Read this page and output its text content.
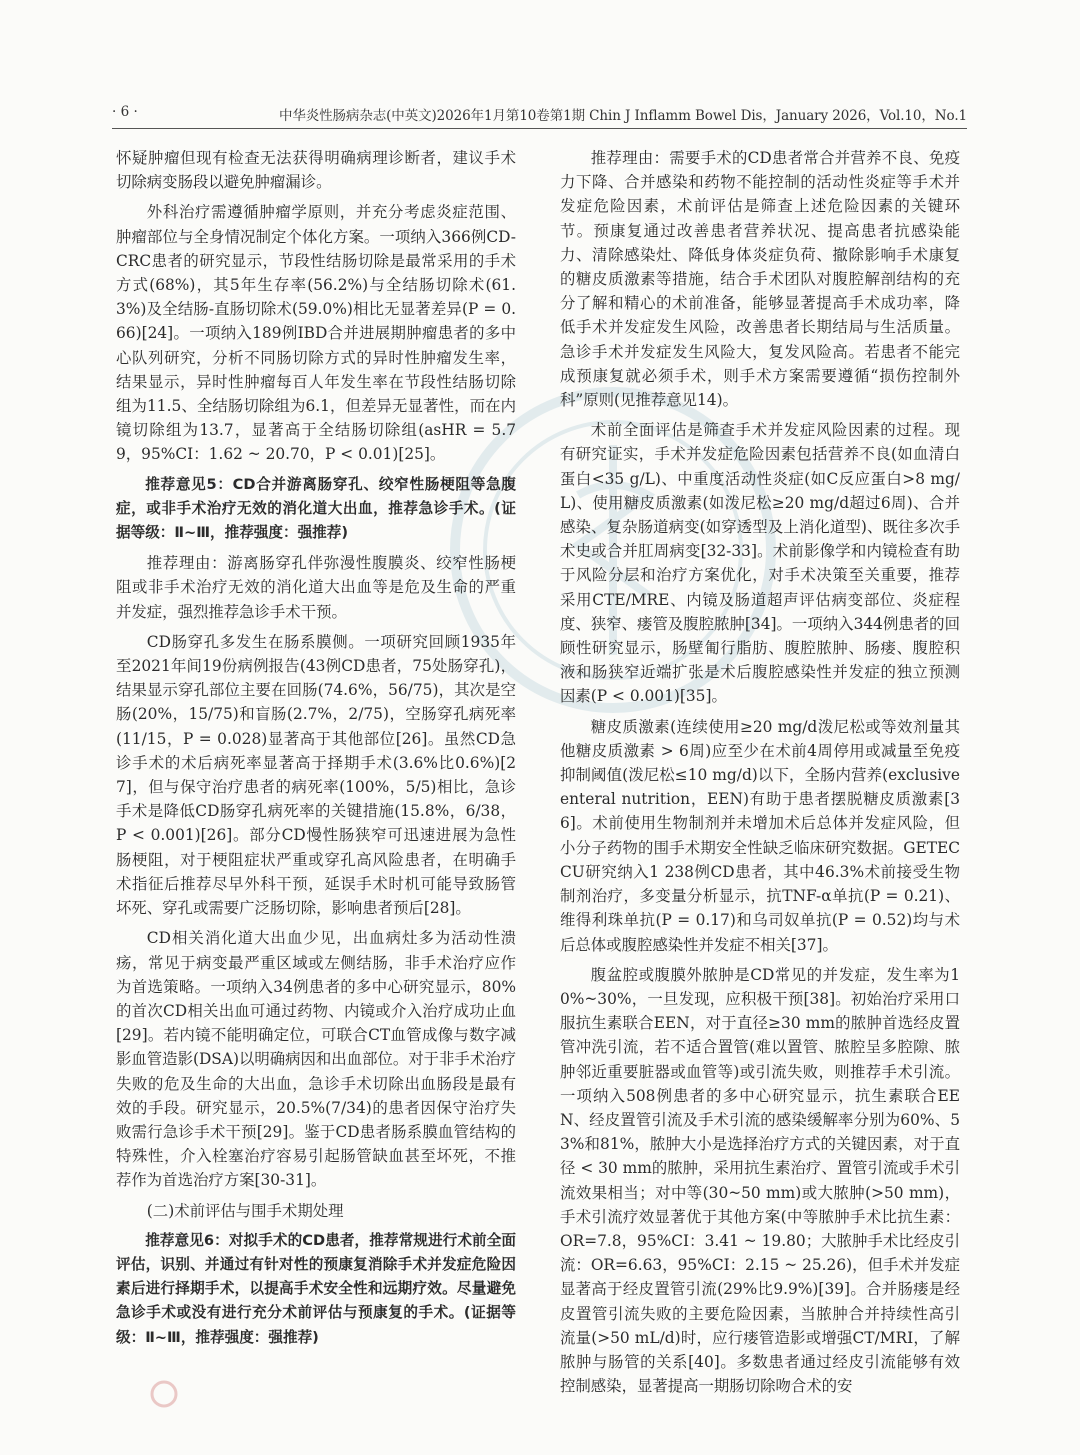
· 6 ·	中华炎性肠病杂志(中英文)2026年1月第10卷第1期 Chin J Inflamm Bowel Dis，January 2026，Vol.10，No.1

怀疑肿瘤但现有检查无法获得明确病理诊断者，建议手术切除病变肠段以避免肿瘤漏诊。

外科治疗需遵循肿瘤学原则，并充分考虑炎症范围、肿瘤部位与全身情况制定个体化方案。一项纳入366例CD-CRC患者的研究显示，节段性结肠切除是最常采用的手术方式(68%)，其5年生存率(56.2%)与全结肠切除术(61.3%)及全结肠-直肠切除术(59.0%)相比无显著差异(P = 0.66)[24]。一项纳入189例IBD合并进展期肿瘤患者的多中心队列研究，分析不同肠切除方式的异时性肿瘤发生率，结果显示，异时性肿瘤每百人年发生率在节段性结肠切除组为11.5、全结肠切除组为6.1，但差异无显著性，而在内镜切除组为13.7，显著高于全结肠切除组(asHR = 5.79，95%CI：1.62 ~ 20.70，P < 0.01)[25]。

推荐意见5：CD合并游离肠穿孔、绞窄性肠梗阻等急腹症，或非手术治疗无效的消化道大出血，推荐急诊手术。(证据等级：Ⅱ~Ⅲ，推荐强度：强推荐)

推荐理由：游离肠穿孔伴弥漫性腹膜炎、绞窄性肠梗阻或非手术治疗无效的消化道大出血等是危及生命的严重并发症，强烈推荐急诊手术干预。

CD肠穿孔多发生在肠系膜侧。一项研究回顾1935年至2021年间19份病例报告(43例CD患者，75处肠穿孔)，结果显示穿孔部位主要在回肠(74.6%，56/75)，其次是空肠(20%，15/75)和盲肠(2.7%，2/75)，空肠穿孔病死率(11/15，P = 0.028)显著高于其他部位[26]。虽然CD急诊手术的术后病死率显著高于择期手术(3.6%比0.6%)[27]，但与保守治疗患者的病死率(100%，5/5)相比，急诊手术是降低CD肠穿孔病死率的关键措施(15.8%，6/38，P < 0.001)[26]。部分CD慢性肠狭窄可迅速进展为急性肠梗阻，对于梗阻症状严重或穿孔高风险患者，在明确手术指征后推荐尽早外科干预，延误手术时机可能导致肠管坏死、穿孔或需要广泛肠切除，影响患者预后[28]。

CD相关消化道大出血少见，出血病灶多为活动性溃疡，常见于病变最严重区域或左侧结肠，非手术治疗应作为首选策略。一项纳入34例患者的多中心研究显示，80%的首次CD相关出血可通过药物、内镜或介入治疗成功止血[29]。若内镜不能明确定位，可联合CT血管成像与数字减影血管造影(DSA)以明确病因和出血部位。对于非手术治疗失败的危及生命的大出血，急诊手术切除出血肠段是最有效的手段。研究显示，20.5%(7/34)的患者因保守治疗失败需行急诊手术干预[29]。鉴于CD患者肠系膜血管结构的特殊性，介入栓塞治疗容易引起肠管缺血甚至坏死，不推荐作为首选治疗方案[30-31]。

(二)术前评估与围手术期处理

推荐意见6：对拟手术的CD患者，推荐常规进行术前全面评估，识别、并通过有针对性的预康复消除手术并发症危险因素后进行择期手术，以提高手术安全性和远期疗效。尽量避免急诊手术或没有进行充分术前评估与预康复的手术。(证据等级：Ⅱ~Ⅲ，推荐强度：强推荐)

推荐理由：需要手术的CD患者常合并营养不良、免疫力下降、合并感染和药物不能控制的活动性炎症等手术并发症危险因素，术前评估是筛查上述危险因素的关键环节。预康复通过改善患者营养状况、提高患者抗感染能力、清除感染灶、降低身体炎症负荷、撤除影响手术康复的糖皮质激素等措施，结合手术团队对腹腔解剖结构的充分了解和精心的术前准备，能够显著提高手术成功率，降低手术并发症发生风险，改善患者长期结局与生活质量。急诊手术并发症发生风险大，复发风险高。若患者不能完成预康复就必须手术，则手术方案需要遵循“损伤控制外科”原则(见推荐意见14)。

术前全面评估是筛查手术并发症风险因素的过程。现有研究证实，手术并发症危险因素包括营养不良(如血清白蛋白<35 g/L)、中重度活动性炎症(如C反应蛋白>8 mg/L)、使用糖皮质激素(如泼尼松≥20 mg/d超过6周)、合并感染、复杂肠道病变(如穿透型及上消化道型)、既往多次手术史或合并肛周病变[32-33]。术前影像学和内镜检查有助于风险分层和治疗方案优化，对手术决策至关重要，推荐采用CTE/MRE、内镜及肠道超声评估病变部位、炎症程度、狭窄、瘘管及腹腔脓肿[34]。一项纳入344例患者的回顾性研究显示，肠壁匍行脂肪、腹腔脓肿、肠瘘、腹腔积液和肠狭窄近端扩张是术后腹腔感染性并发症的独立预测因素(P < 0.001)[35]。

糖皮质激素(连续使用≥20 mg/d泼尼松或等效剂量其他糖皮质激素 > 6周)应至少在术前4周停用或减量至免疫抑制阈值(泼尼松≤10 mg/d)以下，全肠内营养(exclusive enteral nutrition，EEN)有助于患者摆脱糖皮质激素[36]。术前使用生物制剂并未增加术后总体并发症风险，但小分子药物的围手术期安全性缺乏临床研究数据。GETECCU研究纳入1 238例CD患者，其中46.3%术前接受生物制剂治疗，多变量分析显示，抗TNF-α单抗(P = 0.21)、维得利珠单抗(P = 0.17)和乌司奴单抗(P = 0.52)均与术后总体或腹腔感染性并发症不相关[37]。

腹盆腔或腹膜外脓肿是CD常见的并发症，发生率为10%~30%，一旦发现，应积极干预[38]。初始治疗采用口服抗生素联合EEN，对于直径≥30 mm的脓肿首选经皮置管冲洗引流，若不适合置管(难以置管、脓腔呈多腔隙、脓肿邻近重要脏器或血管等)或引流失败，则推荐手术引流。一项纳入508例患者的多中心研究显示，抗生素联合EEN、经皮置管引流及手术引流的感染缓解率分别为60%、53%和81%，脓肿大小是选择治疗方式的关键因素，对于直径 < 30 mm的脓肿，采用抗生素治疗、置管引流或手术引流效果相当；对中等(30~50 mm)或大脓肿(>50 mm)，手术引流疗效显著优于其他方案(中等脓肿手术比抗生素：OR=7.8，95%CI：3.41 ~ 19.80；大脓肿手术比经皮引流：OR=6.63，95%CI：2.15 ~ 25.26)，但手术并发症显著高于经皮置管引流(29%比9.9%)[39]。合并肠瘘是经皮置管引流失败的主要危险因素，当脓肿合并持续性高引流量(>50 mL/d)时，应行瘘管造影或增强CT/MRI，了解脓肿与肠管的关系[40]。多数患者通过经皮引流能够有效控制感染，显著提高一期肠切除吻合术的安
